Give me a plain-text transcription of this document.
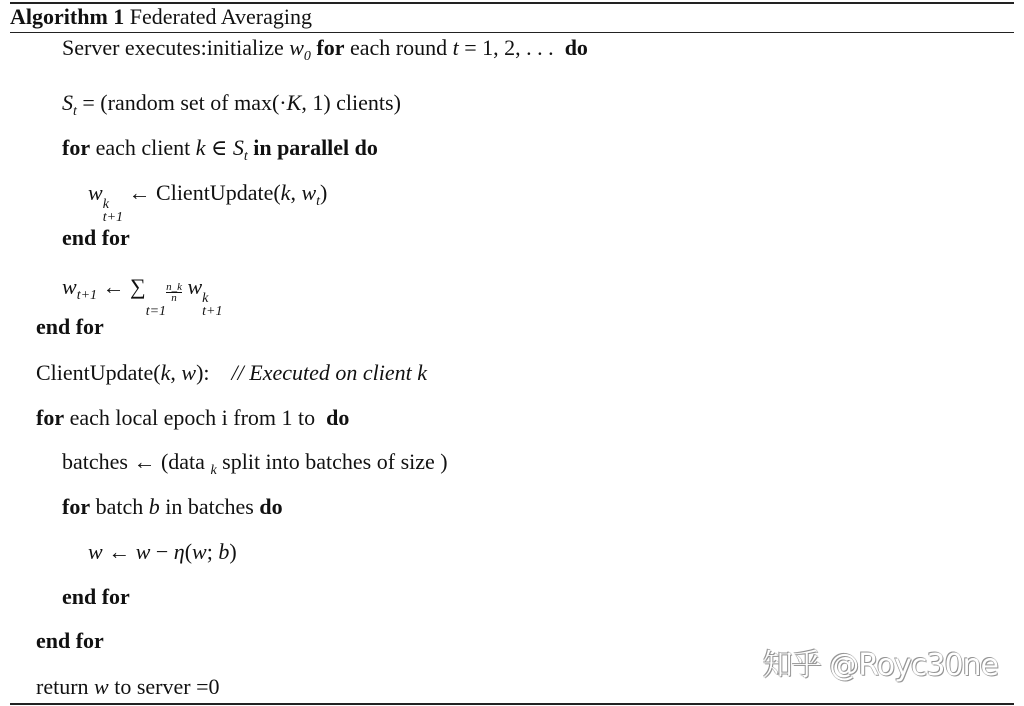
Algorithm 1 Federated Averaging
Server executes:initialize $w_0$ for each round t = 1, 2, . . .  do
$S_t$ = (random set of max(·K, 1) clients)
for each client k ∈ $S_t$ in parallel do
w k
t+1
← ClientUpdate(k, $w_t$)
end for
$w_{t+1}$ ← ∑

t=1
$\frac{n\_k}{n}$ w k
t+1
end for
ClientUpdate(k, w):    // Executed on client k
for each local epoch i from 1 to  do
batches ← (data $_k$ split into batches of size )
for batch b in batches do
w ← w − η(w; b)
end for
end for
return w to server =0
知乎 @Royc30ne
